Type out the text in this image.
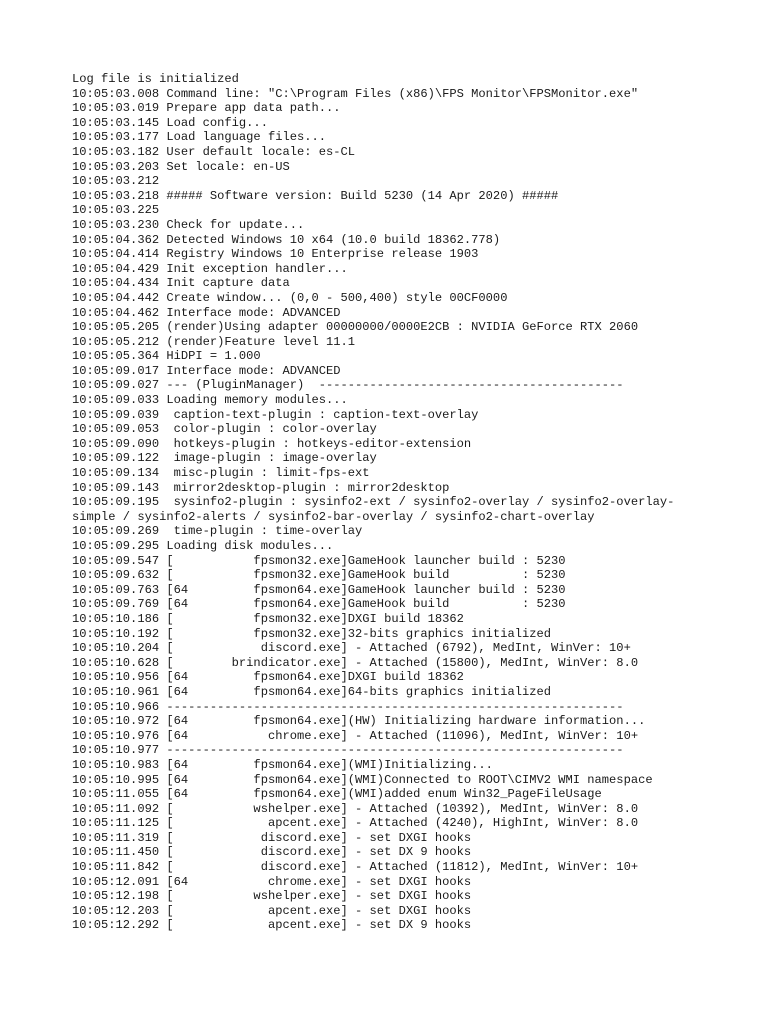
Log file is initialized
10:05:03.008 Command line: "C:\Program Files (x86)\FPS Monitor\FPSMonitor.exe"
10:05:03.019 Prepare app data path...
10:05:03.145 Load config...
10:05:03.177 Load language files...
10:05:03.182 User default locale: es-CL
10:05:03.203 Set locale: en-US
10:05:03.212
10:05:03.218 ##### Software version: Build 5230 (14 Apr 2020) #####
10:05:03.225
10:05:03.230 Check for update...
10:05:04.362 Detected Windows 10 x64 (10.0 build 18362.778)
10:05:04.414 Registry Windows 10 Enterprise release 1903
10:05:04.429 Init exception handler...
10:05:04.434 Init capture data
10:05:04.442 Create window... (0,0 - 500,400) style 00CF0000
10:05:04.462 Interface mode: ADVANCED
10:05:05.205 (render)Using adapter 00000000/0000E2CB : NVIDIA GeForce RTX 2060
10:05:05.212 (render)Feature level 11.1
10:05:05.364 HiDPI = 1.000
10:05:09.017 Interface mode: ADVANCED
10:05:09.027 --- (PluginManager)  ------------------------------------------
10:05:09.033 Loading memory modules...
10:05:09.039  caption-text-plugin : caption-text-overlay
10:05:09.053  color-plugin : color-overlay
10:05:09.090  hotkeys-plugin : hotkeys-editor-extension
10:05:09.122  image-plugin : image-overlay
10:05:09.134  misc-plugin : limit-fps-ext
10:05:09.143  mirror2desktop-plugin : mirror2desktop
10:05:09.195  sysinfo2-plugin : sysinfo2-ext / sysinfo2-overlay / sysinfo2-overlay-
simple / sysinfo2-alerts / sysinfo2-bar-overlay / sysinfo2-chart-overlay
10:05:09.269  time-plugin : time-overlay
10:05:09.295 Loading disk modules...
10:05:09.547 [           fpsmon32.exe]GameHook launcher build : 5230
10:05:09.632 [           fpsmon32.exe]GameHook build          : 5230
10:05:09.763 [64         fpsmon64.exe]GameHook launcher build : 5230
10:05:09.769 [64         fpsmon64.exe]GameHook build          : 5230
10:05:10.186 [           fpsmon32.exe]DXGI build 18362
10:05:10.192 [           fpsmon32.exe]32-bits graphics initialized
10:05:10.204 [            discord.exe] - Attached (6792), MedInt, WinVer: 10+
10:05:10.628 [        brindicator.exe] - Attached (15800), MedInt, WinVer: 8.0
10:05:10.956 [64         fpsmon64.exe]DXGI build 18362
10:05:10.961 [64         fpsmon64.exe]64-bits graphics initialized
10:05:10.966 ---------------------------------------------------------------
10:05:10.972 [64         fpsmon64.exe](HW) Initializing hardware information...
10:05:10.976 [64           chrome.exe] - Attached (11096), MedInt, WinVer: 10+
10:05:10.977 ---------------------------------------------------------------
10:05:10.983 [64         fpsmon64.exe](WMI)Initializing...
10:05:10.995 [64         fpsmon64.exe](WMI)Connected to ROOT\CIMV2 WMI namespace
10:05:11.055 [64         fpsmon64.exe](WMI)added enum Win32_PageFileUsage
10:05:11.092 [           wshelper.exe] - Attached (10392), MedInt, WinVer: 8.0
10:05:11.125 [             apcent.exe] - Attached (4240), HighInt, WinVer: 8.0
10:05:11.319 [            discord.exe] - set DXGI hooks
10:05:11.450 [            discord.exe] - set DX 9 hooks
10:05:11.842 [            discord.exe] - Attached (11812), MedInt, WinVer: 10+
10:05:12.091 [64           chrome.exe] - set DXGI hooks
10:05:12.198 [           wshelper.exe] - set DXGI hooks
10:05:12.203 [             apcent.exe] - set DXGI hooks
10:05:12.292 [             apcent.exe] - set DX 9 hooks
